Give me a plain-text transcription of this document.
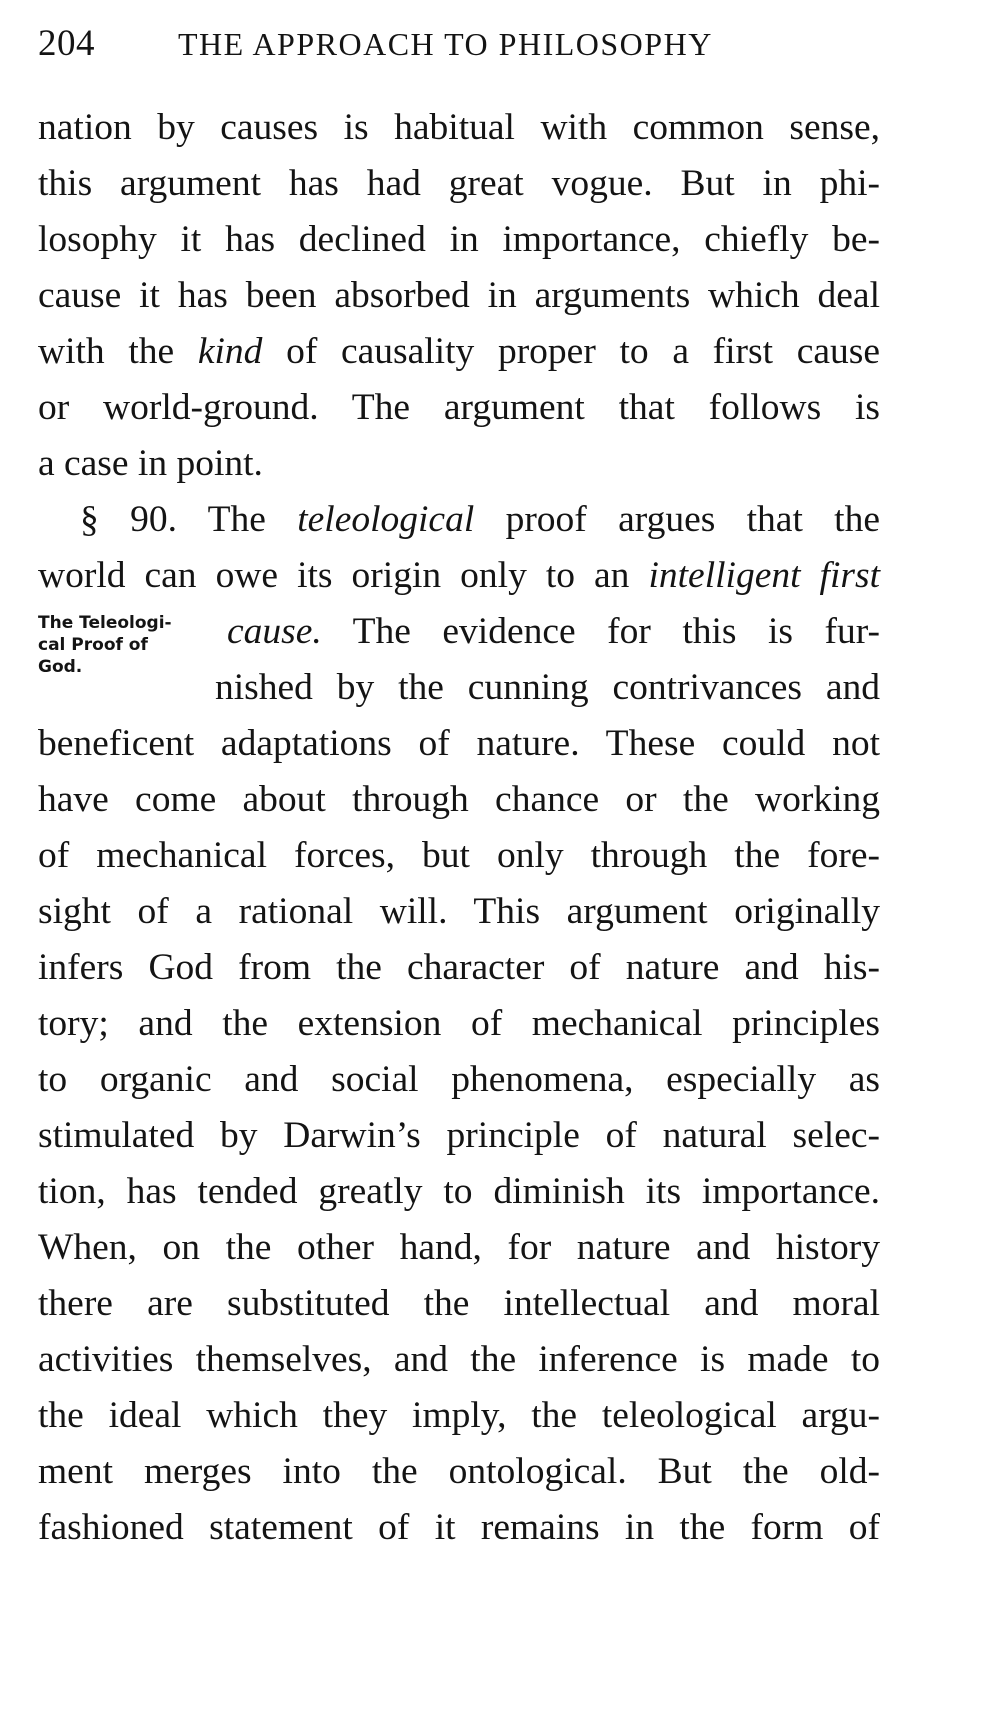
204	THE APPROACH TO PHILOSOPHY
The Teleologi-
cal Proof of
God.
nation by causes is habitual with common sense,
this argument has had great vogue. But in phi-
losophy it has declined in importance, chiefly be-
cause it has been absorbed in arguments which deal
with the kind of causality proper to a first cause
or world-ground. The argument that follows is
a case in point.
§ 90. The teleological proof argues that the
world can owe its origin only to an intelligent first
cause. The evidence for this is fur-
nished by the cunning contrivances and
beneficent adaptations of nature. These could not
have come about through chance or the working
of mechanical forces, but only through the fore-
sight of a rational will. This argument originally
infers God from the character of nature and his-
tory; and the extension of mechanical principles
to organic and social phenomena, especially as
stimulated by Darwin’s principle of natural selec-
tion, has tended greatly to diminish its importance.
When, on the other hand, for nature and history
there are substituted the intellectual and moral
activities themselves, and the inference is made to
the ideal which they imply, the teleological argu-
ment merges into the ontological. But the old-
fashioned statement of it remains in the form of
